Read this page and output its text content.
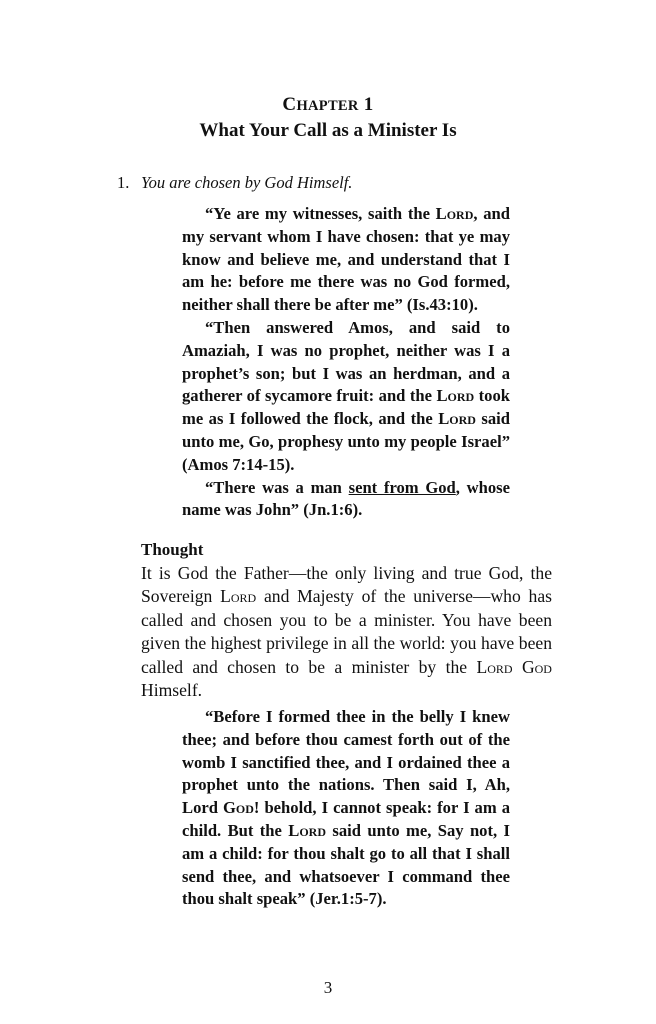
CHAPTER 1
What Your Call as a Minister Is
1. You are chosen by God Himself.

“Ye are my witnesses, saith the Lord, and my servant whom I have chosen: that ye may know and believe me, and understand that I am he: before me there was no God formed, neither shall there be after me” (Is.43:10).

“Then answered Amos, and said to Amaziah, I was no prophet, neither was I a prophet’s son; but I was an herdman, and a gatherer of sycamore fruit: and the Lord took me as I followed the flock, and the Lord said unto me, Go, prophesy unto my people Israel” (Amos 7:14-15).

“There was a man sent from God, whose name was John” (Jn.1:6).

Thought

It is God the Father—the only living and true God, the Sovereign Lord and Majesty of the universe—who has called and chosen you to be a minister. You have been given the highest privilege in all the world: you have been called and chosen to be a minister by the Lord God Himself.

“Before I formed thee in the belly I knew thee; and before thou camest forth out of the womb I sanctified thee, and I ordained thee a prophet unto the nations. Then said I, Ah, Lord God! behold, I cannot speak: for I am a child. But the Lord said unto me, Say not, I am a child: for thou shalt go to all that I shall send thee, and whatsoever I command thee thou shalt speak” (Jer.1:5-7).

3
